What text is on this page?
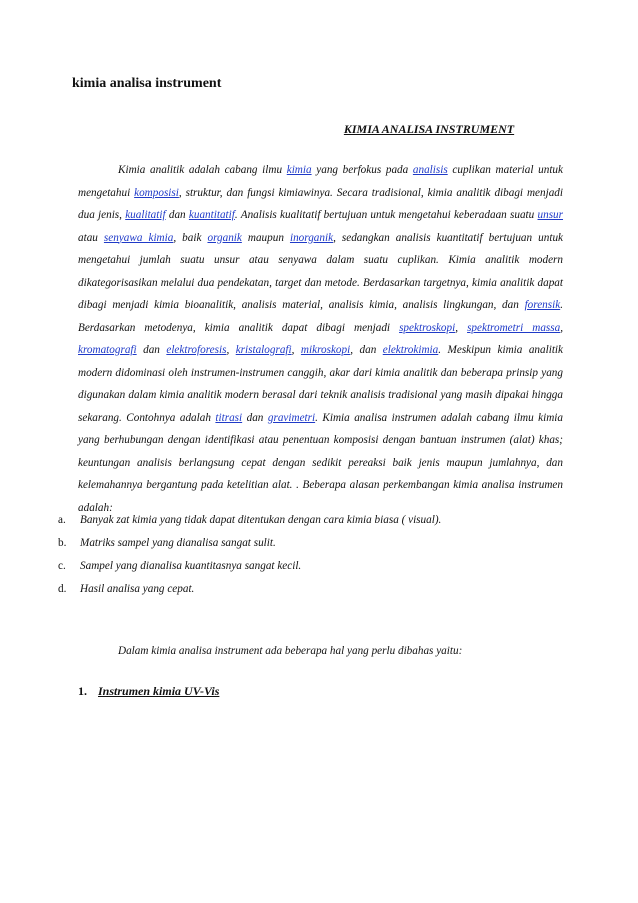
kimia analisa instrument
KIMIA ANALISA INSTRUMENT

Kimia analitik adalah cabang ilmu kimia yang berfokus pada analisis cuplikan material untuk mengetahui komposisi, struktur, dan fungsi kimiawinya. Secara tradisional, kimia analitik dibagi menjadi dua jenis, kualitatif dan kuantitatif. Analisis kualitatif bertujuan untuk mengetahui keberadaan suatu unsur atau senyawa kimia, baik organik maupun inorganik, sedangkan analisis kuantitatif bertujuan untuk mengetahui jumlah suatu unsur atau senyawa dalam suatu cuplikan. Kimia analitik modern dikategorisasikan melalui dua pendekatan, target dan metode. Berdasarkan targetnya, kimia analitik dapat dibagi menjadi kimia bioanalitik, analisis material, analisis kimia, analisis lingkungan, dan forensik. Berdasarkan metodenya, kimia analitik dapat dibagi menjadi spektroskopi, spektrometri massa, kromatografi dan elektroforesis, kristalografi, mikroskopi, dan elektrokimia. Meskipun kimia analitik modern didominasi oleh instrumen-instrumen canggih, akar dari kimia analitik dan beberapa prinsip yang digunakan dalam kimia analitik modern berasal dari teknik analisis tradisional yang masih dipakai hingga sekarang. Contohnya adalah titrasi dan gravimetri. Kimia analisa instrumen adalah cabang ilmu kimia yang berhubungan dengan identifikasi atau penentuan komposisi dengan bantuan instrumen (alat) khas; keuntungan analisis berlangsung cepat dengan sedikit pereaksi baik jenis maupun jumlahnya, dan kelemahannya bergantung pada ketelitian alat. . Beberapa alasan perkembangan kimia analisa instrumen adalah:

a. Banyak zat kimia yang tidak dapat ditentukan dengan cara kimia biasa ( visual).
b. Matriks sampel yang dianalisa sangat sulit.
c. Sampel yang dianalisa kuantitasnya sangat kecil.
d. Hasil analisa yang cepat.
Dalam kimia analisa instrument ada beberapa hal yang perlu dibahas yaitu:
1. Instrumen kimia UV-Vis
